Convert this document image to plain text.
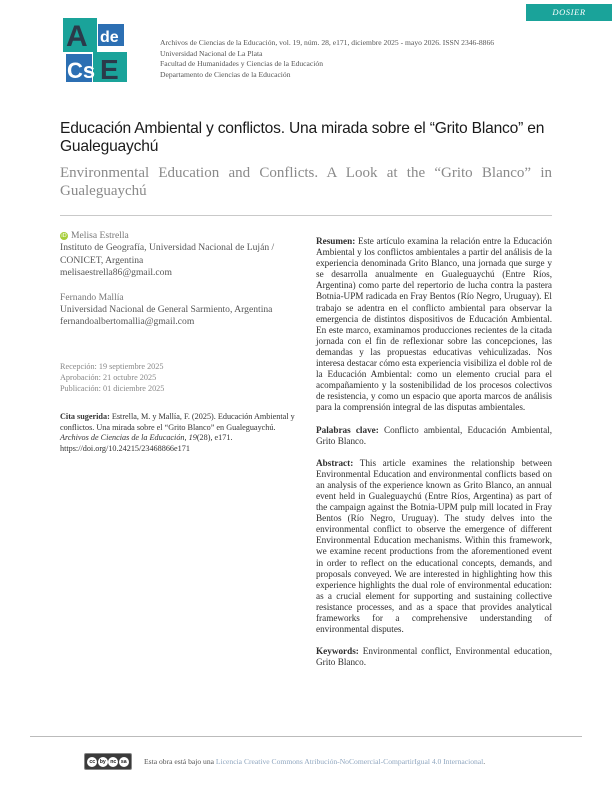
DOSIER
A de
Cs E
Archivos de Ciencias de la Educación, vol. 19, núm. 28, e171, diciembre 2025 - mayo 2026. ISSN 2346-8866
Universidad Nacional de La Plata
Facultad de Humanidades y Ciencias de la Educación
Departamento de Ciencias de la Educación
Educación Ambiental y conflictos. Una mirada sobre el “Grito Blanco” en Gualeguaychú
Environmental Education and Conflicts. A Look at the “Grito Blanco” in Gualeguaychú
iD Melisa Estrella
Instituto de Geografía, Universidad Nacional de Luján /
CONICET, Argentina
melisaestrella86@gmail.com
Fernando Mallía
Universidad Nacional de General Sarmiento, Argentina
fernandoalbertomallia@gmail.com
Recepción: 19 septiembre 2025
Aprobación: 21 octubre 2025
Publicación: 01 diciembre 2025
Cita sugerida: Estrella, M. y Mallía, F. (2025). Educación Ambiental y conflictos. Una mirada sobre el “Grito Blanco” en Gualeguaychú. Archivos de Ciencias de la Educación, 19(28), e171.
https://doi.org/10.24215/23468866e171

Resumen: Este artículo examina la relación entre la Educación Ambiental y los conflictos ambientales a partir del análisis de la experiencia denominada Grito Blanco, una jornada que surge y se desarrolla anualmente en Gualeguaychú (Entre Ríos, Argentina) como parte del repertorio de lucha contra la pastera Botnia-UPM radicada en Fray Bentos (Río Negro, Uruguay). El trabajo se adentra en el conflicto ambiental para observar la emergencia de distintos dispositivos de Educación Ambiental. En este marco, examinamos producciones recientes de la citada jornada con el fin de reflexionar sobre las concepciones, las demandas y las propuestas educativas vehiculizadas. Nos interesa destacar cómo esta experiencia visibiliza el doble rol de la Educación Ambiental: como un elemento crucial para el acompañamiento y la sostenibilidad de los procesos colectivos de resistencia, y como un espacio que aporta marcos de análisis para la comprensión integral de las disputas ambientales.

Palabras clave: Conflicto ambiental, Educación Ambiental, Grito Blanco.

Abstract: This article examines the relationship between Environmental Education and environmental conflicts based on an analysis of the experience known as Grito Blanco, an annual event held in Gualeguaychú (Entre Ríos, Argentina) as part of the campaign against the Botnia-UPM pulp mill located in Fray Bentos (Río Negro, Uruguay). The study delves into the environmental conflict to observe the emergence of different Environmental Education mechanisms. Within this framework, we examine recent productions from the aforementioned event in order to reflect on the educational concepts, demands, and proposals conveyed. We are interested in highlighting how this experience highlights the dual role of environmental education: as a crucial element for supporting and sustaining collective resistance processes, and as a space that provides analytical frameworks for a comprehensive understanding of environmental disputes.

Keywords: Environmental conflict, Environmental education, Grito Blanco.

cc by nc sa Esta obra está bajo una Licencia Creative Commons Atribución-NoComercial-CompartirIgual 4.0 Internacional.
